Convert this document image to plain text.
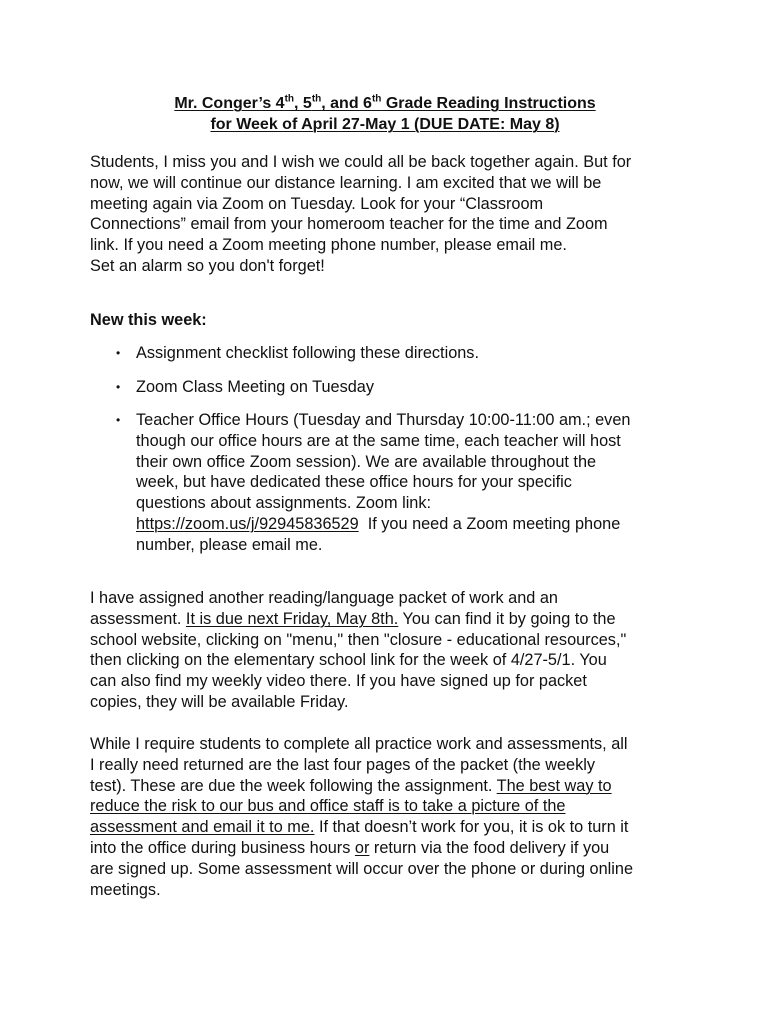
Mr. Conger’s 4th, 5th, and 6th Grade Reading Instructions
for Week of April 27-May 1 (DUE DATE: May 8)

Students, I miss you and I wish we could all be back together again. But for
now, we will continue our distance learning. I am excited that we will be
meeting again via Zoom on Tuesday. Look for your “Classroom
Connections” email from your homeroom teacher for the time and Zoom
link. If you need a Zoom meeting phone number, please email me.
Set an alarm so you don't forget!

New this week:
• Assignment checklist following these directions.
• Zoom Class Meeting on Tuesday
• Teacher Office Hours (Tuesday and Thursday 10:00-11:00 am.; even
though our office hours are at the same time, each teacher will host
their own office Zoom session). We are available throughout the
week, but have dedicated these office hours for your specific
questions about assignments. Zoom link:
https://zoom.us/j/92945836529  If you need a Zoom meeting phone
number, please email me.

I have assigned another reading/language packet of work and an
assessment. It is due next Friday, May 8th. You can find it by going to the
school website, clicking on "menu," then "closure - educational resources,"
then clicking on the elementary school link for the week of 4/27-5/1. You
can also find my weekly video there. If you have signed up for packet
copies, they will be available Friday.

While I require students to complete all practice work and assessments, all
I really need returned are the last four pages of the packet (the weekly
test). These are due the week following the assignment. The best way to
reduce the risk to our bus and office staff is to take a picture of the
assessment and email it to me. If that doesn’t work for you, it is ok to turn it
into the office during business hours or return via the food delivery if you
are signed up. Some assessment will occur over the phone or during online
meetings.
